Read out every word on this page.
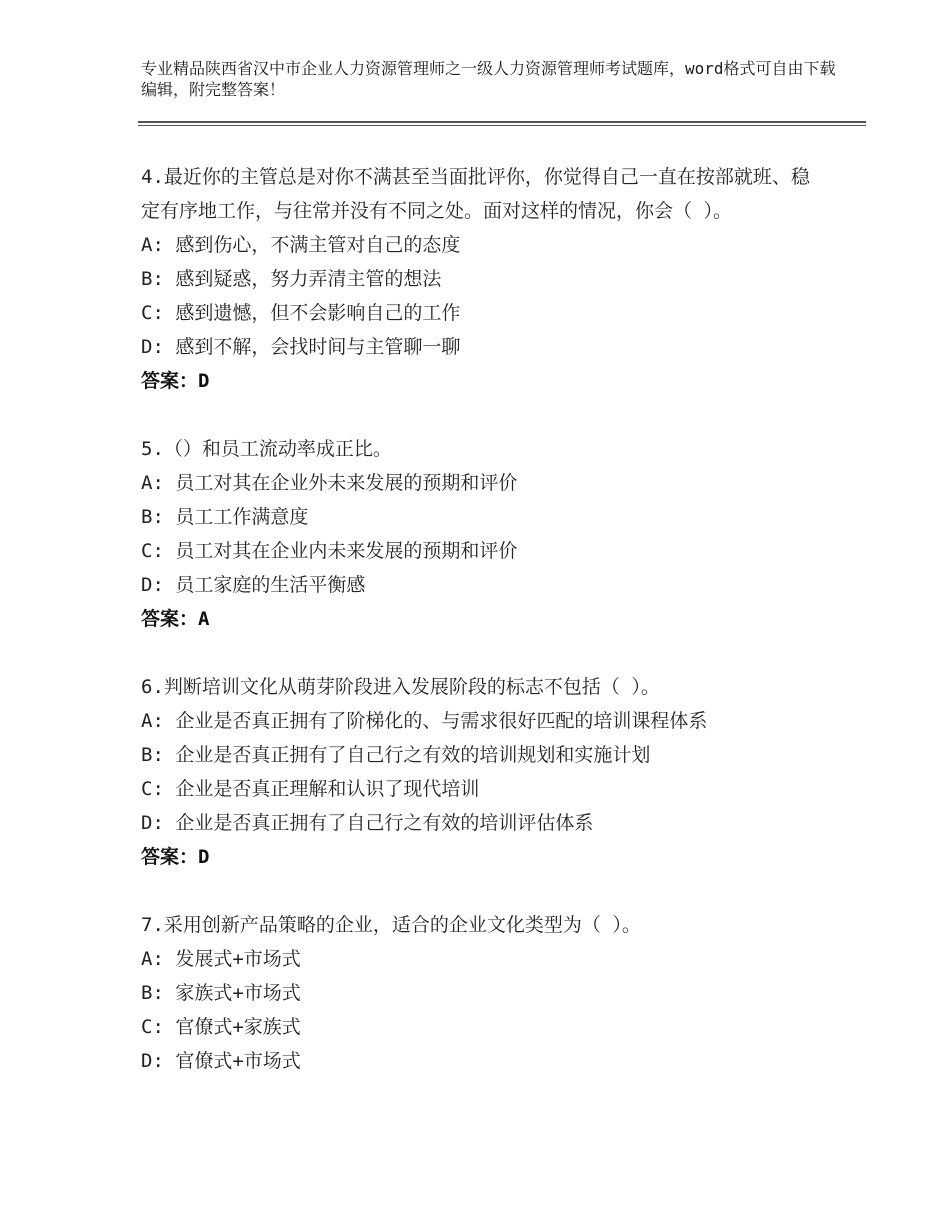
专业精品陕西省汉中市企业人力资源管理师之一级人力资源管理师考试题库，word格式可自由下载编辑，附完整答案！

4.最近你的主管总是对你不满甚至当面批评你，你觉得自己一直在按部就班、稳定有序地工作，与往常并没有不同之处。面对这样的情况，你会（ ）。

A: 感到伤心，不满主管对自己的态度

B: 感到疑惑，努力弄清主管的想法

C: 感到遗憾，但不会影响自己的工作

D: 感到不解，会找时间与主管聊一聊

答案：D

5.（）和员工流动率成正比。

A: 员工对其在企业外未来发展的预期和评价

B: 员工工作满意度

C: 员工对其在企业内未来发展的预期和评价

D: 员工家庭的生活平衡感

答案：A

6.判断培训文化从萌芽阶段进入发展阶段的标志不包括（ ）。

A: 企业是否真正拥有了阶梯化的、与需求很好匹配的培训课程体系

B: 企业是否真正拥有了自己行之有效的培训规划和实施计划

C: 企业是否真正理解和认识了现代培训

D: 企业是否真正拥有了自己行之有效的培训评估体系

答案：D

7.采用创新产品策略的企业，适合的企业文化类型为（ ）。

A: 发展式+市场式

B: 家族式+市场式

C: 官僚式+家族式

D: 官僚式+市场式
